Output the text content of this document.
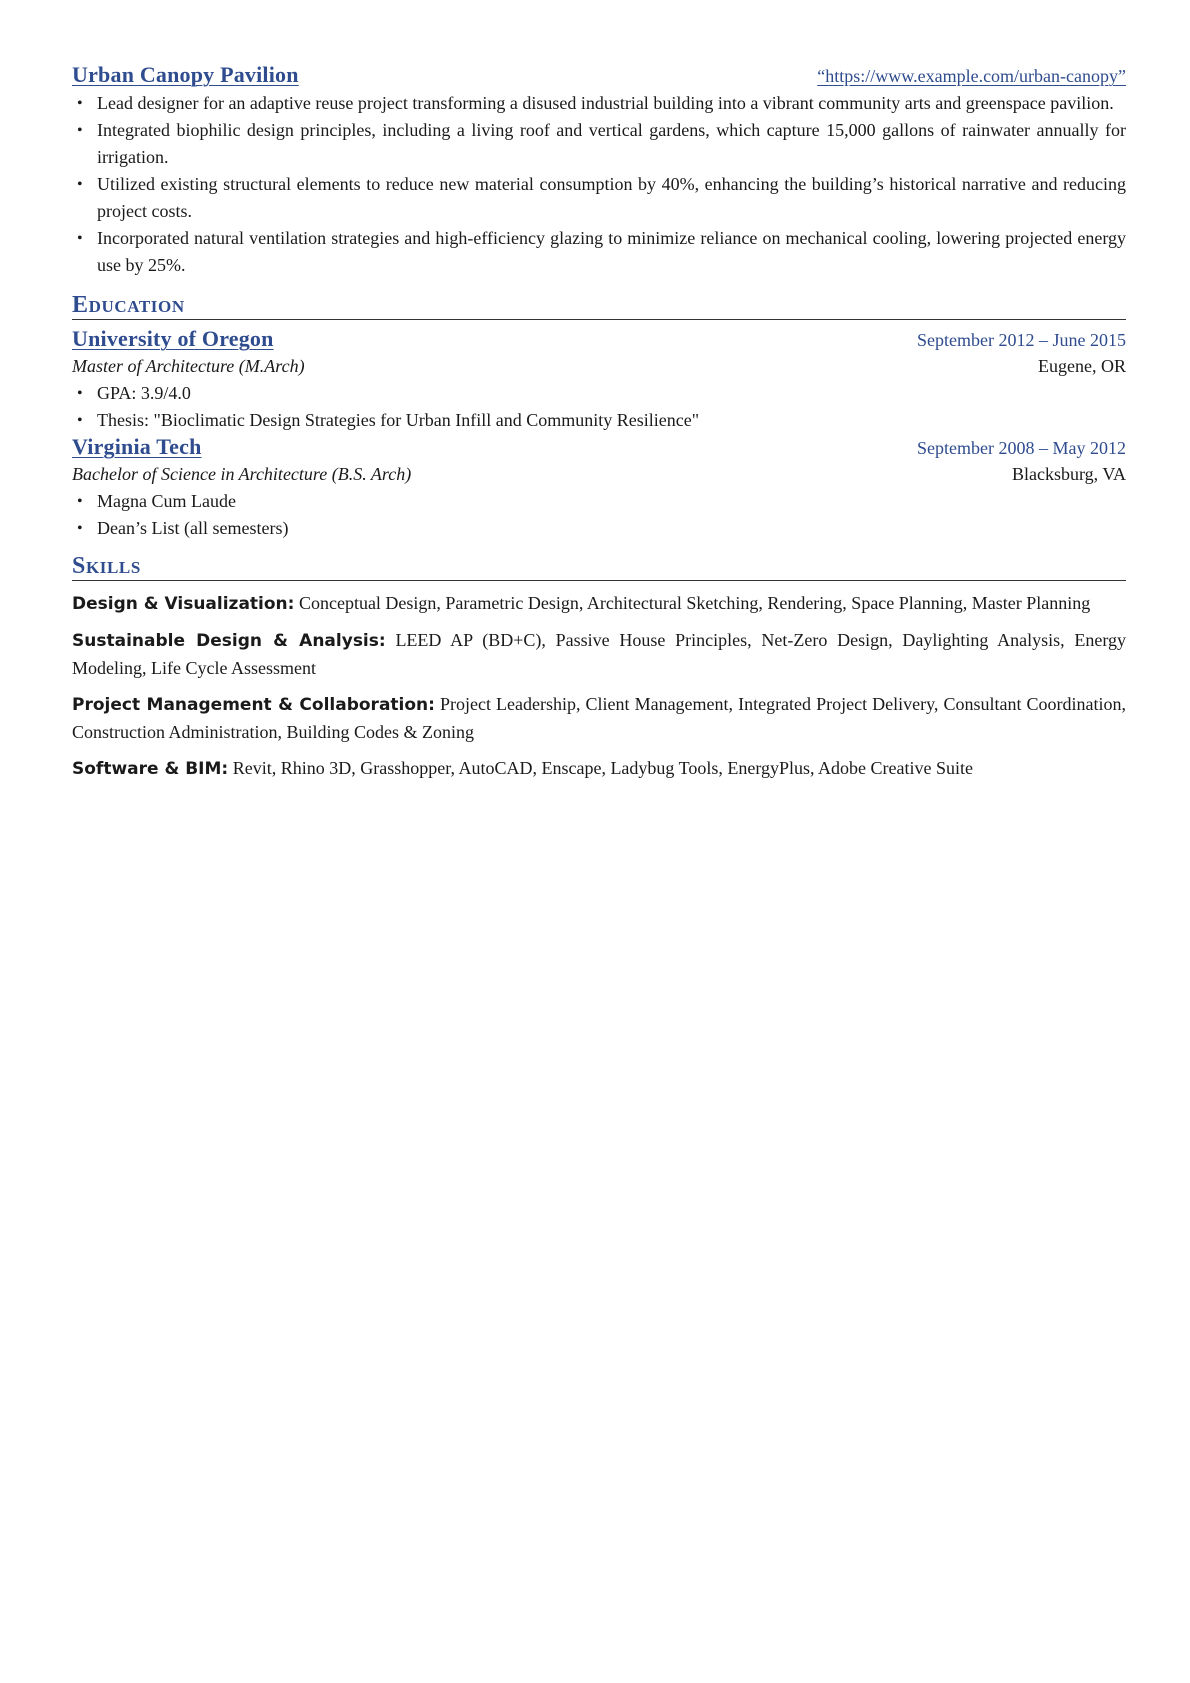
Urban Canopy Pavilion	“https://www.example.com/urban-canopy”
• Lead designer for an adaptive reuse project transforming a disused industrial building into a vibrant community arts and greenspace pavilion.
• Integrated biophilic design principles, including a living roof and vertical gardens, which capture 15,000 gallons of rainwater annually for irrigation.
• Utilized existing structural elements to reduce new material consumption by 40%, enhancing the building’s historical narrative and reducing project costs.
• Incorporated natural ventilation strategies and high-efficiency glazing to minimize reliance on mechanical cooling, lowering projected energy use by 25%.
Education
University of Oregon	September 2012 – June 2015
Master of Architecture (M.Arch)	Eugene, OR
• GPA: 3.9/4.0
• Thesis: "Bioclimatic Design Strategies for Urban Infill and Community Resilience"
Virginia Tech	September 2008 – May 2012
Bachelor of Science in Architecture (B.S. Arch)	Blacksburg, VA
• Magna Cum Laude
• Dean’s List (all semesters)
Skills
Design & Visualization: Conceptual Design, Parametric Design, Architectural Sketching, Rendering, Space Planning, Master Planning
Sustainable Design & Analysis: LEED AP (BD+C), Passive House Principles, Net-Zero Design, Daylighting Analysis, Energy Modeling, Life Cycle Assessment
Project Management & Collaboration: Project Leadership, Client Management, Integrated Project Delivery, Consultant Coordination, Construction Administration, Building Codes & Zoning
Software & BIM: Revit, Rhino 3D, Grasshopper, AutoCAD, Enscape, Ladybug Tools, EnergyPlus, Adobe Creative Suite
